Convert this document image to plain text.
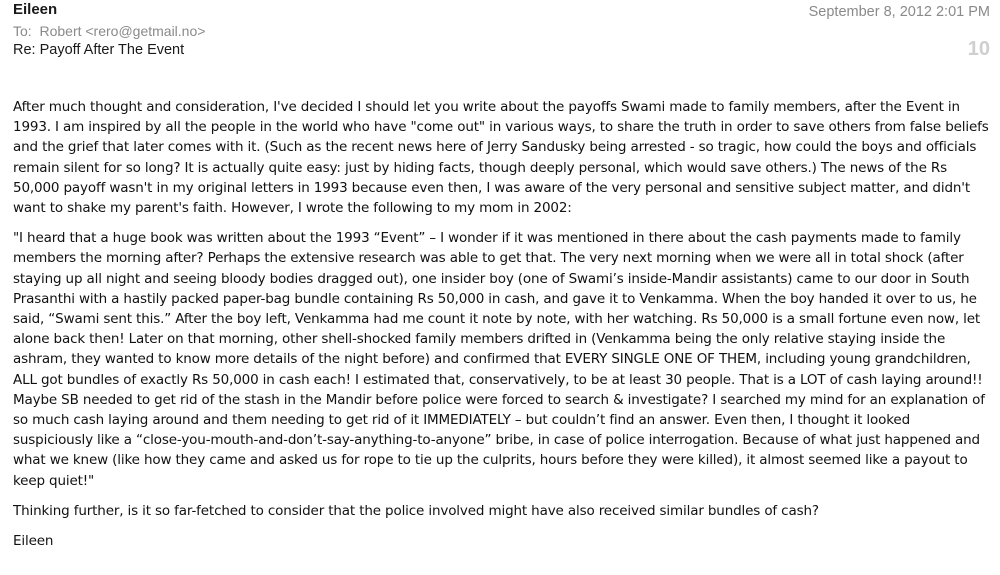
Eileen	September 8, 2012 2:01 PM
To: Robert <rero@getmail.no>
Re: Payoff After The Event	10

After much thought and consideration, I've decided I should let you write about the payoffs Swami made to family members, after the Event in 1993. I am inspired by all the people in the world who have "come out" in various ways, to share the truth in order to save others from false beliefs and the grief that later comes with it. (Such as the recent news here of Jerry Sandusky being arrested - so tragic, how could the boys and officials remain silent for so long? It is actually quite easy: just by hiding facts, though deeply personal, which would save others.) The news of the Rs 50,000 payoff wasn't in my original letters in 1993 because even then, I was aware of the very personal and sensitive subject matter, and didn't want to shake my parent's faith. However, I wrote the following to my mom in 2002:

"I heard that a huge book was written about the 1993 “Event” – I wonder if it was mentioned in there about the cash payments made to family members the morning after? Perhaps the extensive research was able to get that. The very next morning when we were all in total shock (after staying up all night and seeing bloody bodies dragged out), one insider boy (one of Swami’s inside-Mandir assistants) came to our door in South Prasanthi with a hastily packed paper-bag bundle containing Rs 50,000 in cash, and gave it to Venkamma. When the boy handed it over to us, he said, “Swami sent this.” After the boy left, Venkamma had me count it note by note, with her watching. Rs 50,000 is a small fortune even now, let alone back then! Later on that morning, other shell-shocked family members drifted in (Venkamma being the only relative staying inside the ashram, they wanted to know more details of the night before) and confirmed that EVERY SINGLE ONE OF THEM, including young grandchildren, ALL got bundles of exactly Rs 50,000 in cash each! I estimated that, conservatively, to be at least 30 people. That is a LOT of cash laying around!! Maybe SB needed to get rid of the stash in the Mandir before police were forced to search & investigate? I searched my mind for an explanation of so much cash laying around and them needing to get rid of it IMMEDIATELY – but couldn’t find an answer. Even then, I thought it looked suspiciously like a “close-you-mouth-and-don’t-say-anything-to-anyone” bribe, in case of police interrogation. Because of what just happened and what we knew (like how they came and asked us for rope to tie up the culprits, hours before they were killed), it almost seemed like a payout to keep quiet!"

Thinking further, is it so far-fetched to consider that the police involved might have also received similar bundles of cash?

Eileen
